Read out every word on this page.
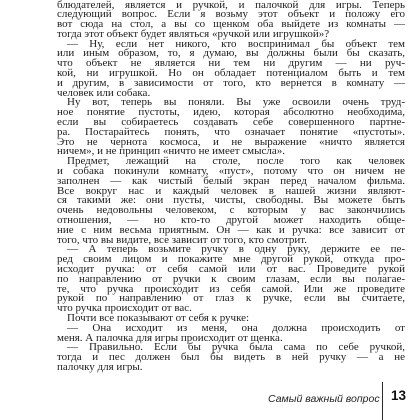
блюдателей, является и ручкой, и палочкой для игры. Теперь
следующий вопрос. Если я возьму этот объект и положу его
вот сюда на стол, а вы со щенком оба выйдете из комнаты —
тогда этот объект будет являться «ручкой или игрушкой»?
— Ну, если нет никого, кто воспринимал бы объект тем
или иным образом, то, я думаю, вы должны были бы сказать,
что объект не является ни тем ни другим — ни руч-
кой, ни игрушкой. Но он обладает потенциалом быть и тем
и другим, в зависимости от того, кто вернется в комнату —
человек или собака.
Ну вот, теперь вы поняли. Вы уже освоили очень труд-
ное понятие пустоты, идею, которая абсолютно необходима,
если вы собираетесь создавать себе совершенного партне-
ра. Постарайтесь понять, что означает понятие «пустоты».
Это не чернота космоса, и не выражение «ничто является
ничем», и не принцип «ничто не имеет смысла».
Предмет, лежащий на столе, после того как человек
и собака покинули комнату, «пуст», потому что он ничем не
заполнен — как чистый белый экран перед началом фильма.
Все вокруг нас и каждый человек в нашей жизни являют-
ся такими же: они пусты, чисты, свободны. Вы можете быть
очень недовольны человеком, с которым у вас закончились
отношения, — но кто-то другой может находить обще-
ние с ним весьма приятным. Он — как и ручка: все зависит от
того, что вы видите, все зависит от того, кто смотрит.
— А теперь возьмите ручку в одну руку, держите ее пе-
ред своим лицом и покажите мне другой рукой, откуда про-
исходит ручка: от себя самой или от вас. Проведите рукой
по направлению от ручки к своим глазам, если вы полагае-
те, что ручка происходит из себя самой. Или же проведите
рукой по направлению от глаз к ручке, если вы считаете,
что ручка происходит от вас.
Почти все показывают от себя к ручке:
— Она исходит из меня, она должна происходить от
меня. А палочка для игры происходит от щенка.
— Правильно. Если бы ручка была сама по себе ручкой,
тогда и пес должен был бы видеть в ней ручку — а не
палочку для игры.
Самый важный вопрос 13
